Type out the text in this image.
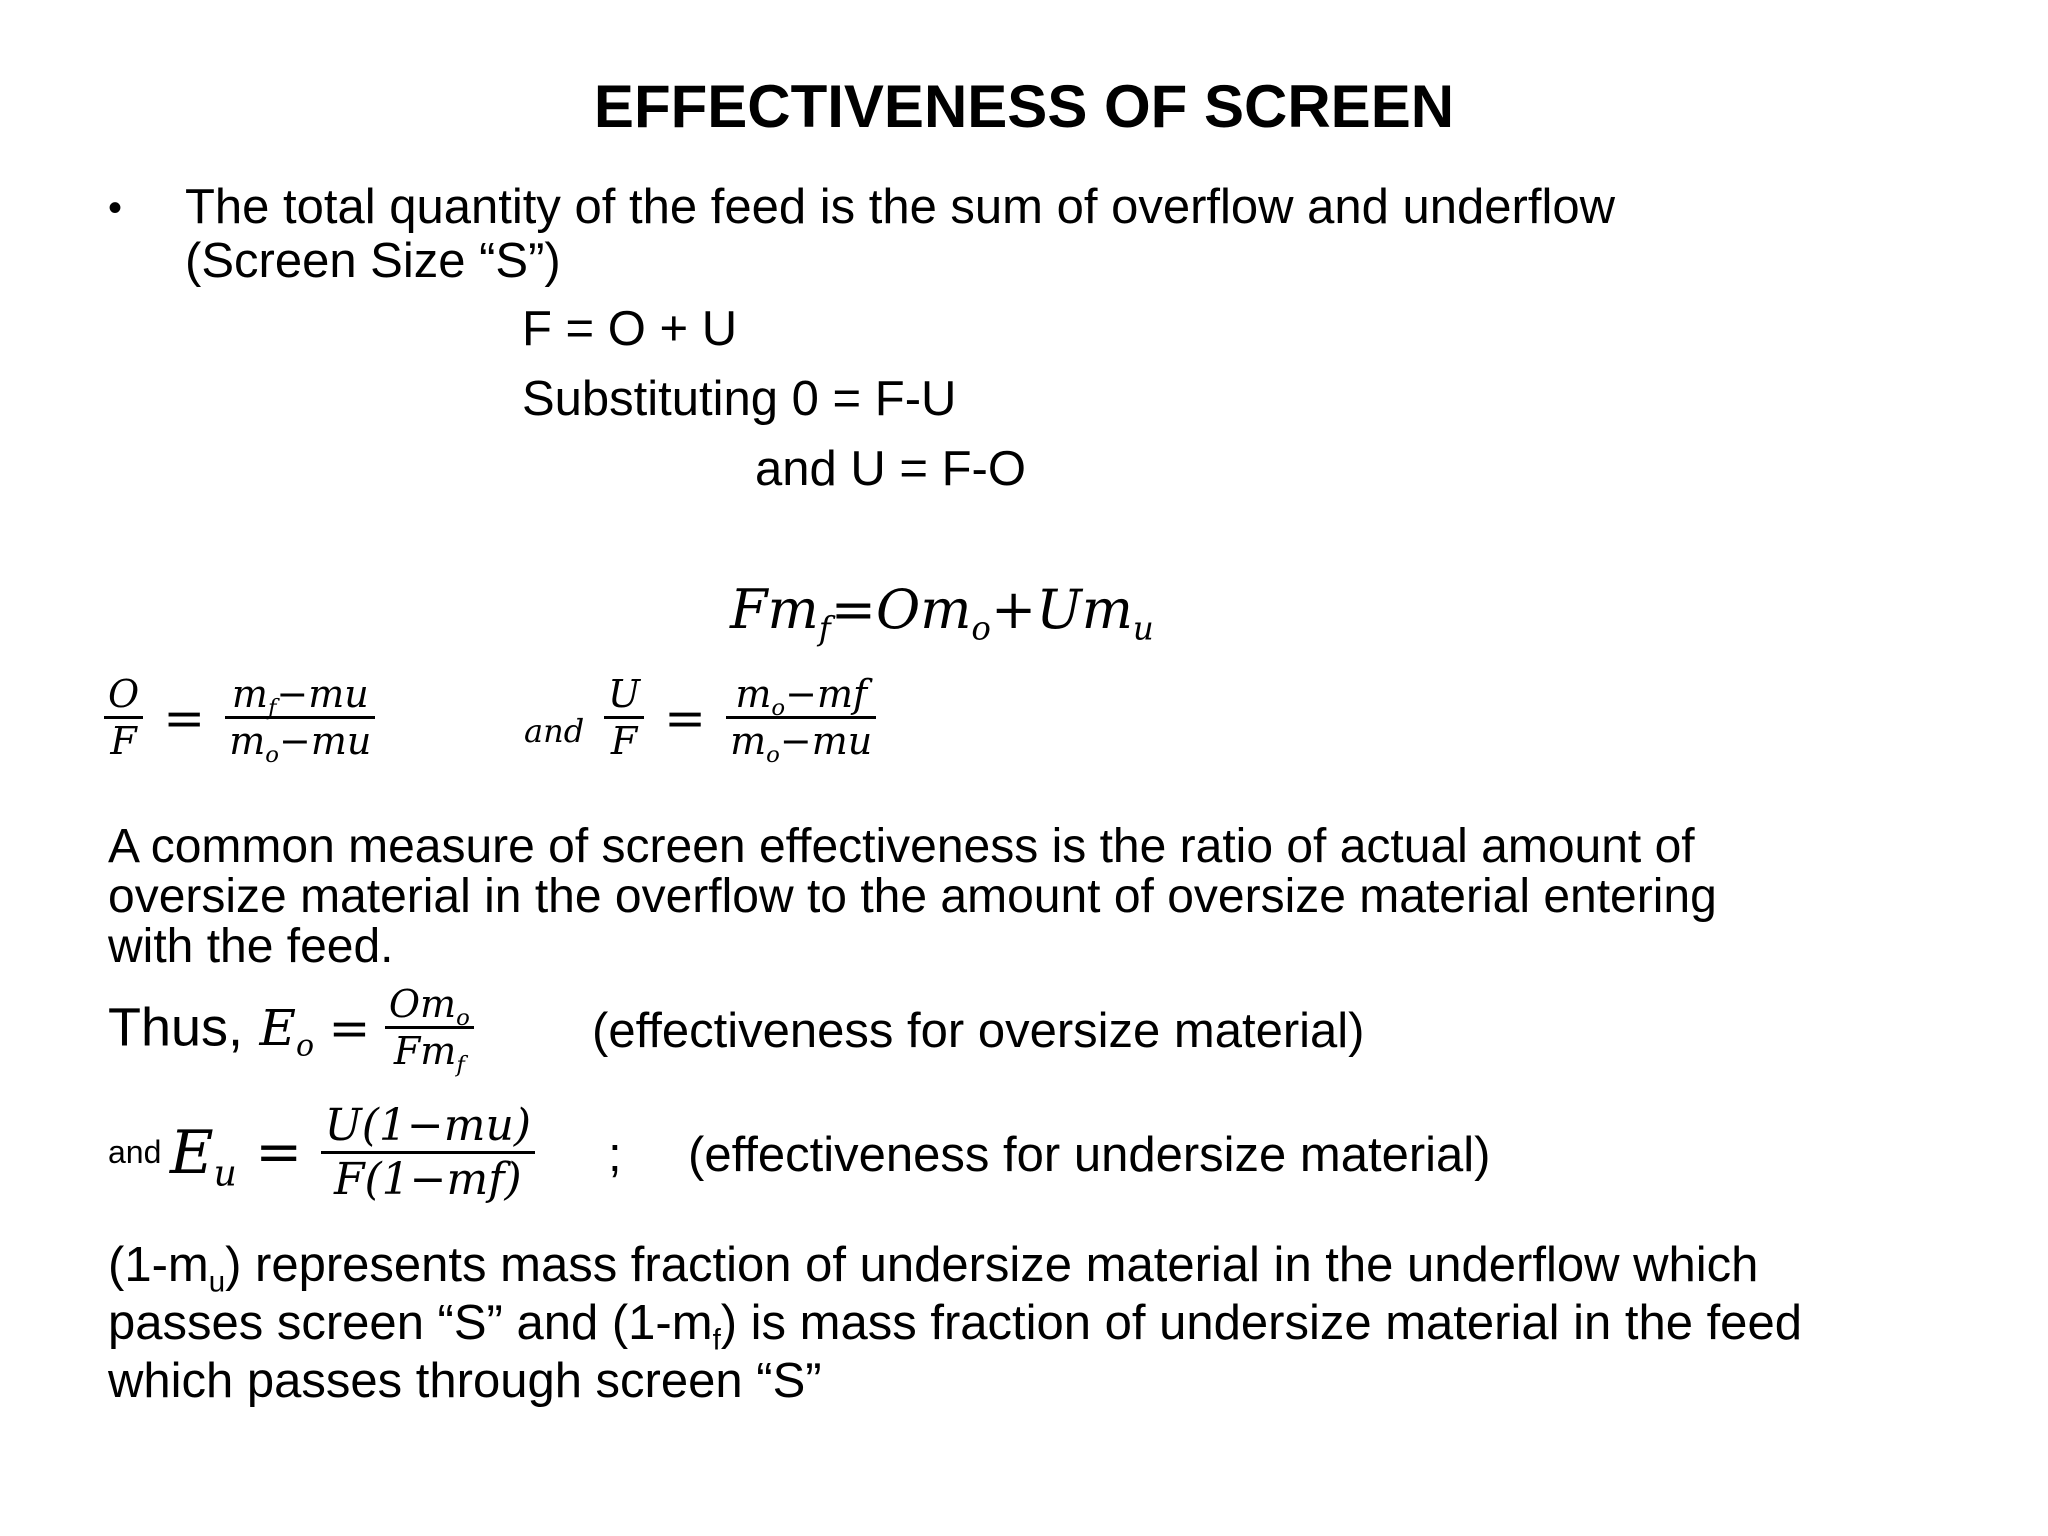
EFFECTIVENESS OF SCREEN
• The total quantity of the feed is the sum of overflow and underflow
(Screen Size “S”)
F = O + U
Substituting 0 = F-U
and U = F-O
$Fm_f=Om_o+Um_u$
$\frac{O}{F} = \frac{m_f-mu}{m_o-mu}$	and $\frac{U}{F} = \frac{m_o-mf}{m_o-mu}$
A common measure of screen effectiveness is the ratio of actual amount of
oversize material in the overflow to the amount of oversize material entering
with the feed.
Thus, $E_o = \frac{Om_o}{Fm_f}$ (effectiveness for oversize material)
and $E_u = \frac{U(1-mu)}{F(1-mf)}$ ; (effectiveness for undersize material)
$(1-m_u)$ represents mass fraction of undersize material in the underflow which
passes screen “S” and $(1-m_f)$ is mass fraction of undersize material in the feed
which passes through screen “S”
